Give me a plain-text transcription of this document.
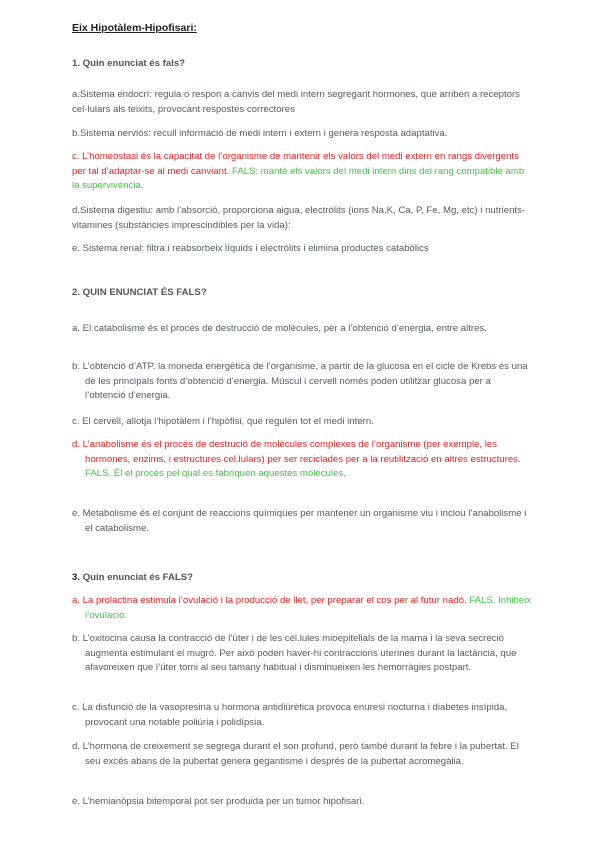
Eix Hipotàlem-Hipofisari:
1. Quin enunciat és fals?

a.Sistema endocrí: regula o respon a canvis del medi intern segregant hormones, que arriben a receptors cel·lulars als teixits, provocant respostes correctores

b.Sistema nerviós: recull informació de medi intern i extern i genera resposta adaptativa.

c. L’homeostasi és la capacitat de l’organisme de mantenir els valors del medi extern en rangs divergents per tal d’adaptar-se al medi canviant. FALS: manté els valors del medi intern dins del rang compatible amb la supervivència.

d.Sistema digestiu: amb l’absorció, proporciona aigua, electròlits (ions Na,K, Ca, P, Fe, Mg, etc) i nutrients-vitamines (substàncies imprescindibles per la vida):

e. Sistema renal: filtra i reabsorbeix líquids i electròlits i elimina productes catabòlics

2. QUIN ENUNCIAT ÉS FALS?

a. El catabolisme és el procés de destrucció de molècules, per a l’obtenció d’energia, entre altres.

b. L’obtenció d’ATP, la moneda energètica de l’organisme, a partir de la glucosa en el cicle de Krebs és una de les principals fonts d’obtenció d’energia. Múscul i cervell només poden utilitzar glucosa per a l’obtenció d’energia.

c. El cervell, allotja l’hipotàlem i l’hipòfisi, que regulen tot el medi intern.

d. L’anabolisme és el procés de destrució de molècules complexes de l’organisme (per exemple, les hormones, enzims, i estructures cel.lulars) per ser reciclades per a la reutilització en altres estructures. FALS. Él el procés pel qual es fabriquen aquestes molècules.

e. Metabolisme és el conjunt de reaccions químiques per mantener un organisme viu i inclou l’anabolisme i el catabolisme.

3. Quin enunciat és FALS?

a. La prolactina estimula l’ovulació i la producció de llet, per preparar el cos per al futur nadó. FALS. Inhibeix l’ovulació.

b. L’oxitocina causa la contracció de l’úter i de les cèl.lules mioepitelials de la mama i la seva secreció augmenta estimulant el mugró. Per això poden haver-hi contraccions uterines durant la lactància, que afavoreixen que l’úter torni al seu tamany habitual i disminueixen les hemorràgies postpart.

c. La disfunció de la vasopresina u hormona antidiürètica provoca enuresi nocturna i diabetes insípida, provocant una notable poliúria i polidípsia.

d. L’hormona de creixement se segrega durant el son profund, però també durant la febre i la pubertat. El seu excés abans de la pubertat genera gegantisme i després de la pubertat acromegàlia.

e. L’hemianòpsia bitemporal pot ser produida per un tumor hipofisari.
